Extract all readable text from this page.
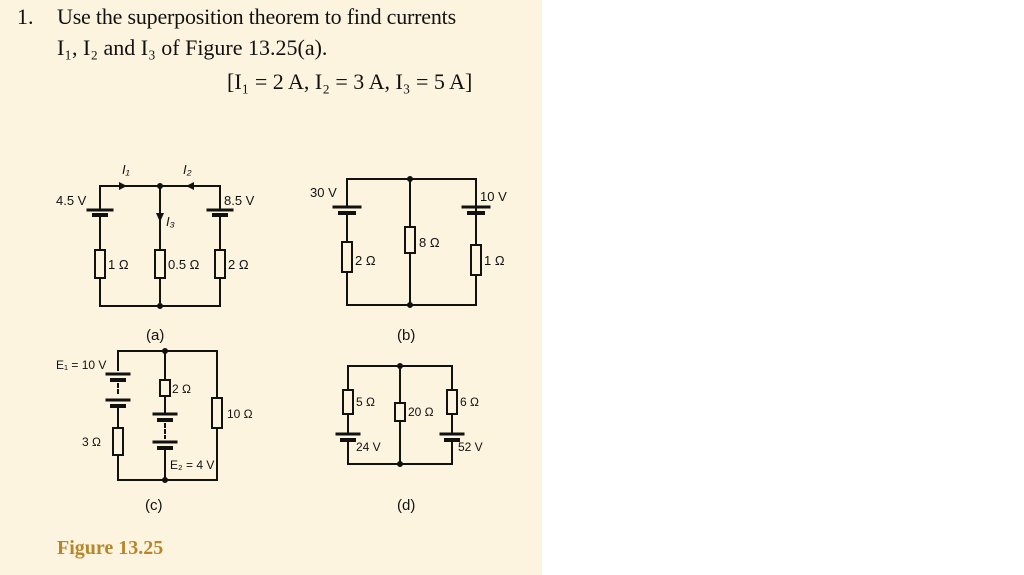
1. Use the superposition theorem to find currents
I₁, I₂ and I₃ of Figure 13.25(a).
[I₁ = 2 A, I₂ = 3 A, I₃ = 5 A]
I₁	I₂
I₃
4.5 V	8.5 V
1 Ω	0.5 Ω 2 Ω
(a)
30 V	10 V
2 Ω
8 Ω
1 Ω
(b)
E₁ = 10 V
3 Ω
2 Ω
10 Ω
E₂ = 4 V
(c)
5 Ω
20 Ω
6 Ω
24 V	52 V
(d)
Figure 13.25
